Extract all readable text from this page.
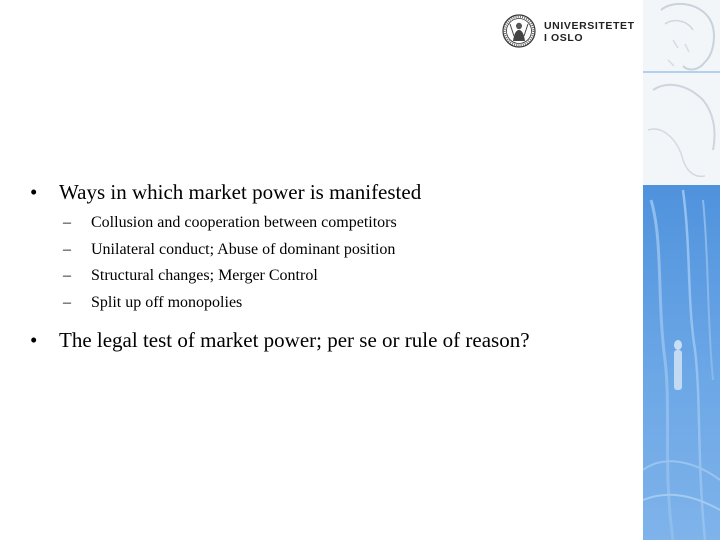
UNIVERSITETET
I OSLO
• Ways in which market power is manifested
– Collusion and cooperation between competitors
– Unilateral conduct; Abuse of dominant position
– Structural changes; Merger Control
– Split up off monopolies
• The legal test of market power; per se or rule of reason?
